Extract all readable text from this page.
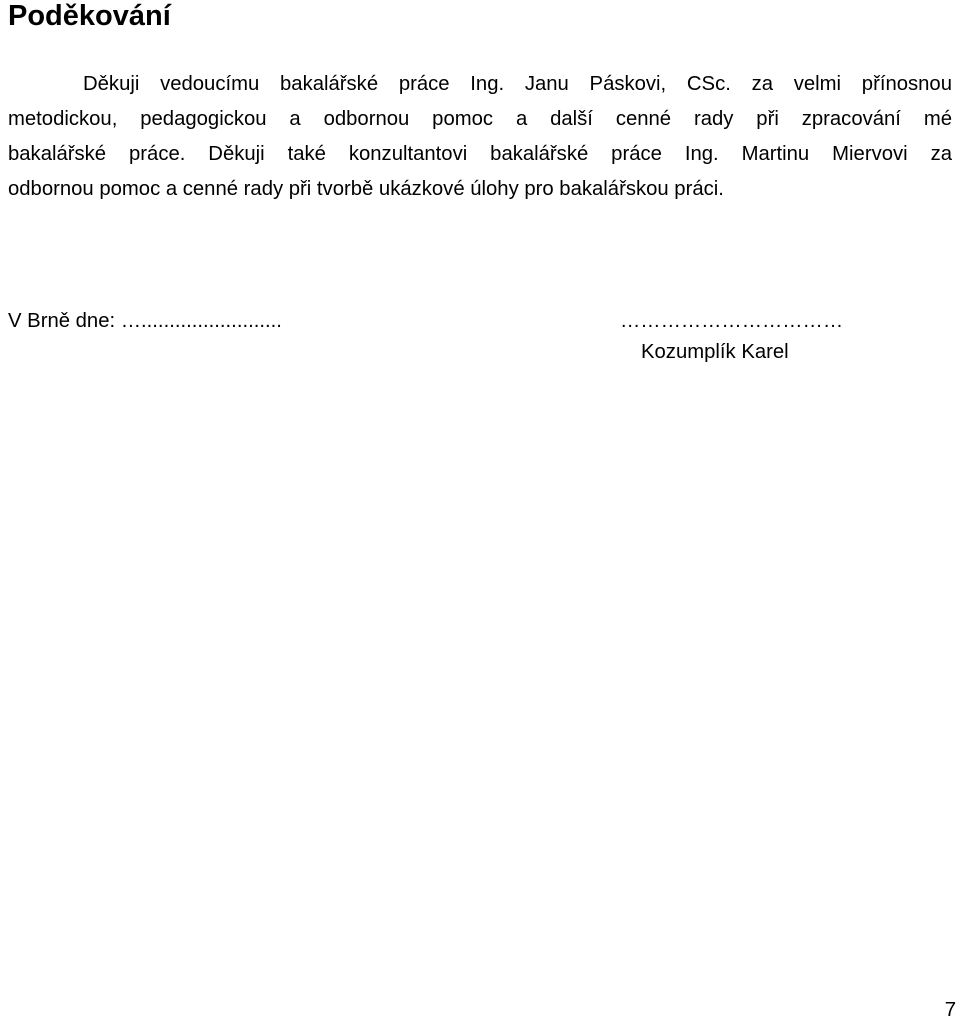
Poděkování
Děkuji vedoucímu bakalářské práce Ing. Janu Páskovi, CSc. za velmi přínosnou
metodickou, pedagogickou a odbornou pomoc a další cenné rady při zpracování mé
bakalářské práce. Děkuji také konzultantovi bakalářské práce Ing. Martinu Miervovi za
odbornou pomoc a cenné rady při tvorbě ukázkové úlohy pro bakalářskou práci.

V Brně dne: ….........................	……………………………

Kozumplík Karel

7
